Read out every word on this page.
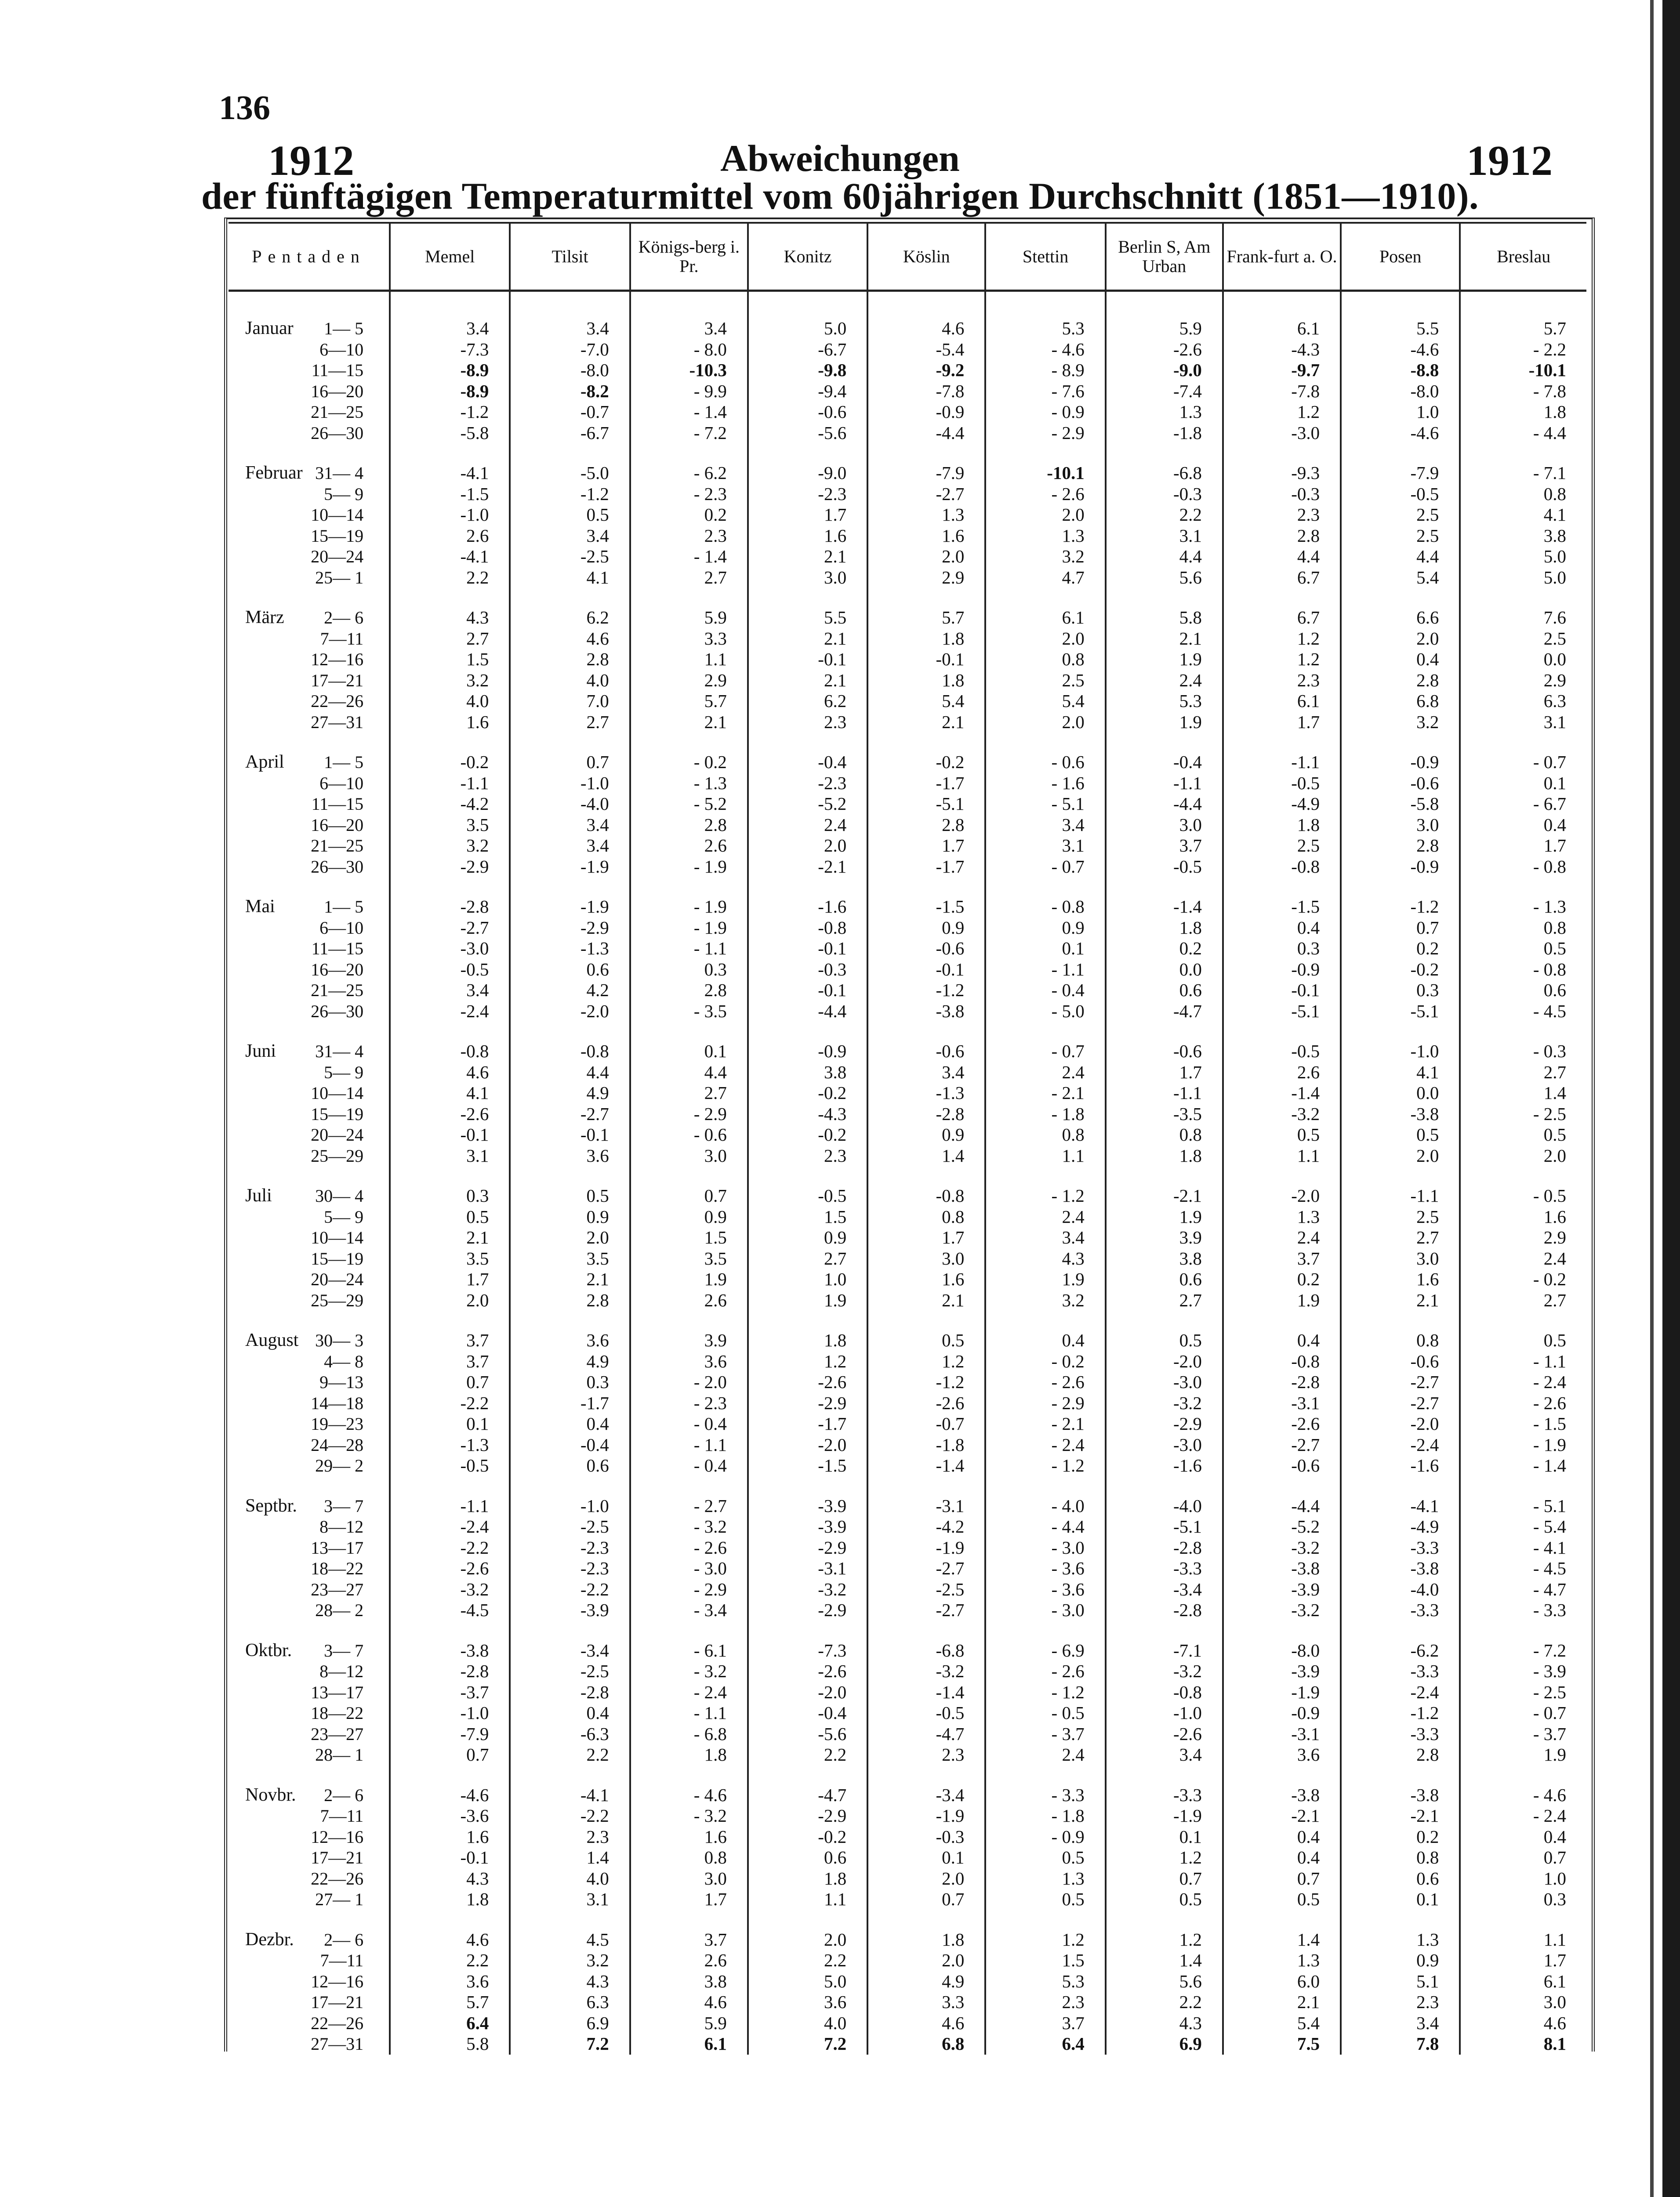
136
1912	1912
Abweichungen
der fünftägigen Temperaturmittel vom 60jährigen Durchschnitt (1851—1910).
Pentaden	Memel	Tilsit	Königs-berg i. Pr.	Konitz	Köslin	Stettin	Berlin S, Am Urban	Frank-furt a. O.	Posen	Breslau

Januar 1— 5	3.4	3.4	3.4	5.0	4.6	5.3	5.9	6.1	5.5	5.7

6—10	-7.3	-7.0	- 8.0	-6.7	-5.4	- 4.6	-2.6	-4.3	-4.6	- 2.2

11—15	-8.9	-8.0	-10.3	-9.8	-9.2	- 8.9	-9.0	-9.7	-8.8	-10.1

16—20	-8.9	-8.2	- 9.9	-9.4	-7.8	- 7.6	-7.4	-7.8	-8.0	- 7.8

21—25	-1.2	-0.7	- 1.4	-0.6	-0.9	- 0.9	1.3	1.2	1.0	1.8

26—30	-5.8	-6.7	- 7.2	-5.6	-4.4	- 2.9	-1.8	-3.0	-4.6	- 4.4

Februar 31— 4	-4.1	-5.0	- 6.2	-9.0	-7.9	-10.1	-6.8	-9.3	-7.9	- 7.1

5— 9	-1.5	-1.2	- 2.3	-2.3	-2.7	- 2.6	-0.3	-0.3	-0.5	0.8

10—14	-1.0	0.5	0.2	1.7	1.3	2.0	2.2	2.3	2.5	4.1

15—19	2.6	3.4	2.3	1.6	1.6	1.3	3.1	2.8	2.5	3.8

20—24	-4.1	-2.5	- 1.4	2.1	2.0	3.2	4.4	4.4	4.4	5.0

25— 1	2.2	4.1	2.7	3.0	2.9	4.7	5.6	6.7	5.4	5.0

März 2— 6	4.3	6.2	5.9	5.5	5.7	6.1	5.8	6.7	6.6	7.6

7—11	2.7	4.6	3.3	2.1	1.8	2.0	2.1	1.2	2.0	2.5

12—16	1.5	2.8	1.1	-0.1	-0.1	0.8	1.9	1.2	0.4	0.0

17—21	3.2	4.0	2.9	2.1	1.8	2.5	2.4	2.3	2.8	2.9

22—26	4.0	7.0	5.7	6.2	5.4	5.4	5.3	6.1	6.8	6.3

27—31	1.6	2.7	2.1	2.3	2.1	2.0	1.9	1.7	3.2	3.1

April 1— 5	-0.2	0.7	- 0.2	-0.4	-0.2	- 0.6	-0.4	-1.1	-0.9	- 0.7

6—10	-1.1	-1.0	- 1.3	-2.3	-1.7	- 1.6	-1.1	-0.5	-0.6	0.1

11—15	-4.2	-4.0	- 5.2	-5.2	-5.1	- 5.1	-4.4	-4.9	-5.8	- 6.7

16—20	3.5	3.4	2.8	2.4	2.8	3.4	3.0	1.8	3.0	0.4

21—25	3.2	3.4	2.6	2.0	1.7	3.1	3.7	2.5	2.8	1.7

26—30	-2.9	-1.9	- 1.9	-2.1	-1.7	- 0.7	-0.5	-0.8	-0.9	- 0.8

Mai 1— 5	-2.8	-1.9	- 1.9	-1.6	-1.5	- 0.8	-1.4	-1.5	-1.2	- 1.3

6—10	-2.7	-2.9	- 1.9	-0.8	0.9	0.9	1.8	0.4	0.7	0.8

11—15	-3.0	-1.3	- 1.1	-0.1	-0.6	0.1	0.2	0.3	0.2	0.5

16—20	-0.5	0.6	0.3	-0.3	-0.1	- 1.1	0.0	-0.9	-0.2	- 0.8

21—25	3.4	4.2	2.8	-0.1	-1.2	- 0.4	0.6	-0.1	0.3	0.6

26—30	-2.4	-2.0	- 3.5	-4.4	-3.8	- 5.0	-4.7	-5.1	-5.1	- 4.5

Juni 31— 4	-0.8	-0.8	0.1	-0.9	-0.6	- 0.7	-0.6	-0.5	-1.0	- 0.3

5— 9	4.6	4.4	4.4	3.8	3.4	2.4	1.7	2.6	4.1	2.7

10—14	4.1	4.9	2.7	-0.2	-1.3	- 2.1	-1.1	-1.4	0.0	1.4

15—19	-2.6	-2.7	- 2.9	-4.3	-2.8	- 1.8	-3.5	-3.2	-3.8	- 2.5

20—24	-0.1	-0.1	- 0.6	-0.2	0.9	0.8	0.8	0.5	0.5	0.5

25—29	3.1	3.6	3.0	2.3	1.4	1.1	1.8	1.1	2.0	2.0

Juli 30— 4	0.3	0.5	0.7	-0.5	-0.8	- 1.2	-2.1	-2.0	-1.1	- 0.5

5— 9	0.5	0.9	0.9	1.5	0.8	2.4	1.9	1.3	2.5	1.6

10—14	2.1	2.0	1.5	0.9	1.7	3.4	3.9	2.4	2.7	2.9

15—19	3.5	3.5	3.5	2.7	3.0	4.3	3.8	3.7	3.0	2.4

20—24	1.7	2.1	1.9	1.0	1.6	1.9	0.6	0.2	1.6	- 0.2

25—29	2.0	2.8	2.6	1.9	2.1	3.2	2.7	1.9	2.1	2.7

August 30— 3	3.7	3.6	3.9	1.8	0.5	0.4	0.5	0.4	0.8	0.5

4— 8	3.7	4.9	3.6	1.2	1.2	- 0.2	-2.0	-0.8	-0.6	- 1.1

9—13	0.7	0.3	- 2.0	-2.6	-1.2	- 2.6	-3.0	-2.8	-2.7	- 2.4

14—18	-2.2	-1.7	- 2.3	-2.9	-2.6	- 2.9	-3.2	-3.1	-2.7	- 2.6

19—23	0.1	0.4	- 0.4	-1.7	-0.7	- 2.1	-2.9	-2.6	-2.0	- 1.5

24—28	-1.3	-0.4	- 1.1	-2.0	-1.8	- 2.4	-3.0	-2.7	-2.4	- 1.9

29— 2	-0.5	0.6	- 0.4	-1.5	-1.4	- 1.2	-1.6	-0.6	-1.6	- 1.4

Septbr. 3— 7	-1.1	-1.0	- 2.7	-3.9	-3.1	- 4.0	-4.0	-4.4	-4.1	- 5.1

8—12	-2.4	-2.5	- 3.2	-3.9	-4.2	- 4.4	-5.1	-5.2	-4.9	- 5.4

13—17	-2.2	-2.3	- 2.6	-2.9	-1.9	- 3.0	-2.8	-3.2	-3.3	- 4.1

18—22	-2.6	-2.3	- 3.0	-3.1	-2.7	- 3.6	-3.3	-3.8	-3.8	- 4.5

23—27	-3.2	-2.2	- 2.9	-3.2	-2.5	- 3.6	-3.4	-3.9	-4.0	- 4.7

28— 2	-4.5	-3.9	- 3.4	-2.9	-2.7	- 3.0	-2.8	-3.2	-3.3	- 3.3

Oktbr. 3— 7	-3.8	-3.4	- 6.1	-7.3	-6.8	- 6.9	-7.1	-8.0	-6.2	- 7.2

8—12	-2.8	-2.5	- 3.2	-2.6	-3.2	- 2.6	-3.2	-3.9	-3.3	- 3.9

13—17	-3.7	-2.8	- 2.4	-2.0	-1.4	- 1.2	-0.8	-1.9	-2.4	- 2.5

18—22	-1.0	0.4	- 1.1	-0.4	-0.5	- 0.5	-1.0	-0.9	-1.2	- 0.7

23—27	-7.9	-6.3	- 6.8	-5.6	-4.7	- 3.7	-2.6	-3.1	-3.3	- 3.7

28— 1	0.7	2.2	1.8	2.2	2.3	2.4	3.4	3.6	2.8	1.9

Novbr. 2— 6	-4.6	-4.1	- 4.6	-4.7	-3.4	- 3.3	-3.3	-3.8	-3.8	- 4.6

7—11	-3.6	-2.2	- 3.2	-2.9	-1.9	- 1.8	-1.9	-2.1	-2.1	- 2.4

12—16	1.6	2.3	1.6	-0.2	-0.3	- 0.9	0.1	0.4	0.2	0.4

17—21	-0.1	1.4	0.8	0.6	0.1	0.5	1.2	0.4	0.8	0.7

22—26	4.3	4.0	3.0	1.8	2.0	1.3	0.7	0.7	0.6	1.0

27— 1	1.8	3.1	1.7	1.1	0.7	0.5	0.5	0.5	0.1	0.3

Dezbr. 2— 6	4.6	4.5	3.7	2.0	1.8	1.2	1.2	1.4	1.3	1.1

7—11	2.2	3.2	2.6	2.2	2.0	1.5	1.4	1.3	0.9	1.7

12—16	3.6	4.3	3.8	5.0	4.9	5.3	5.6	6.0	5.1	6.1

17—21	5.7	6.3	4.6	3.6	3.3	2.3	2.2	2.1	2.3	3.0

22—26	6.4	6.9	5.9	4.0	4.6	3.7	4.3	5.4	3.4	4.6

27—31	5.8	7.2	6.1	7.2	6.8	6.4	6.9	7.5	7.8	8.1
